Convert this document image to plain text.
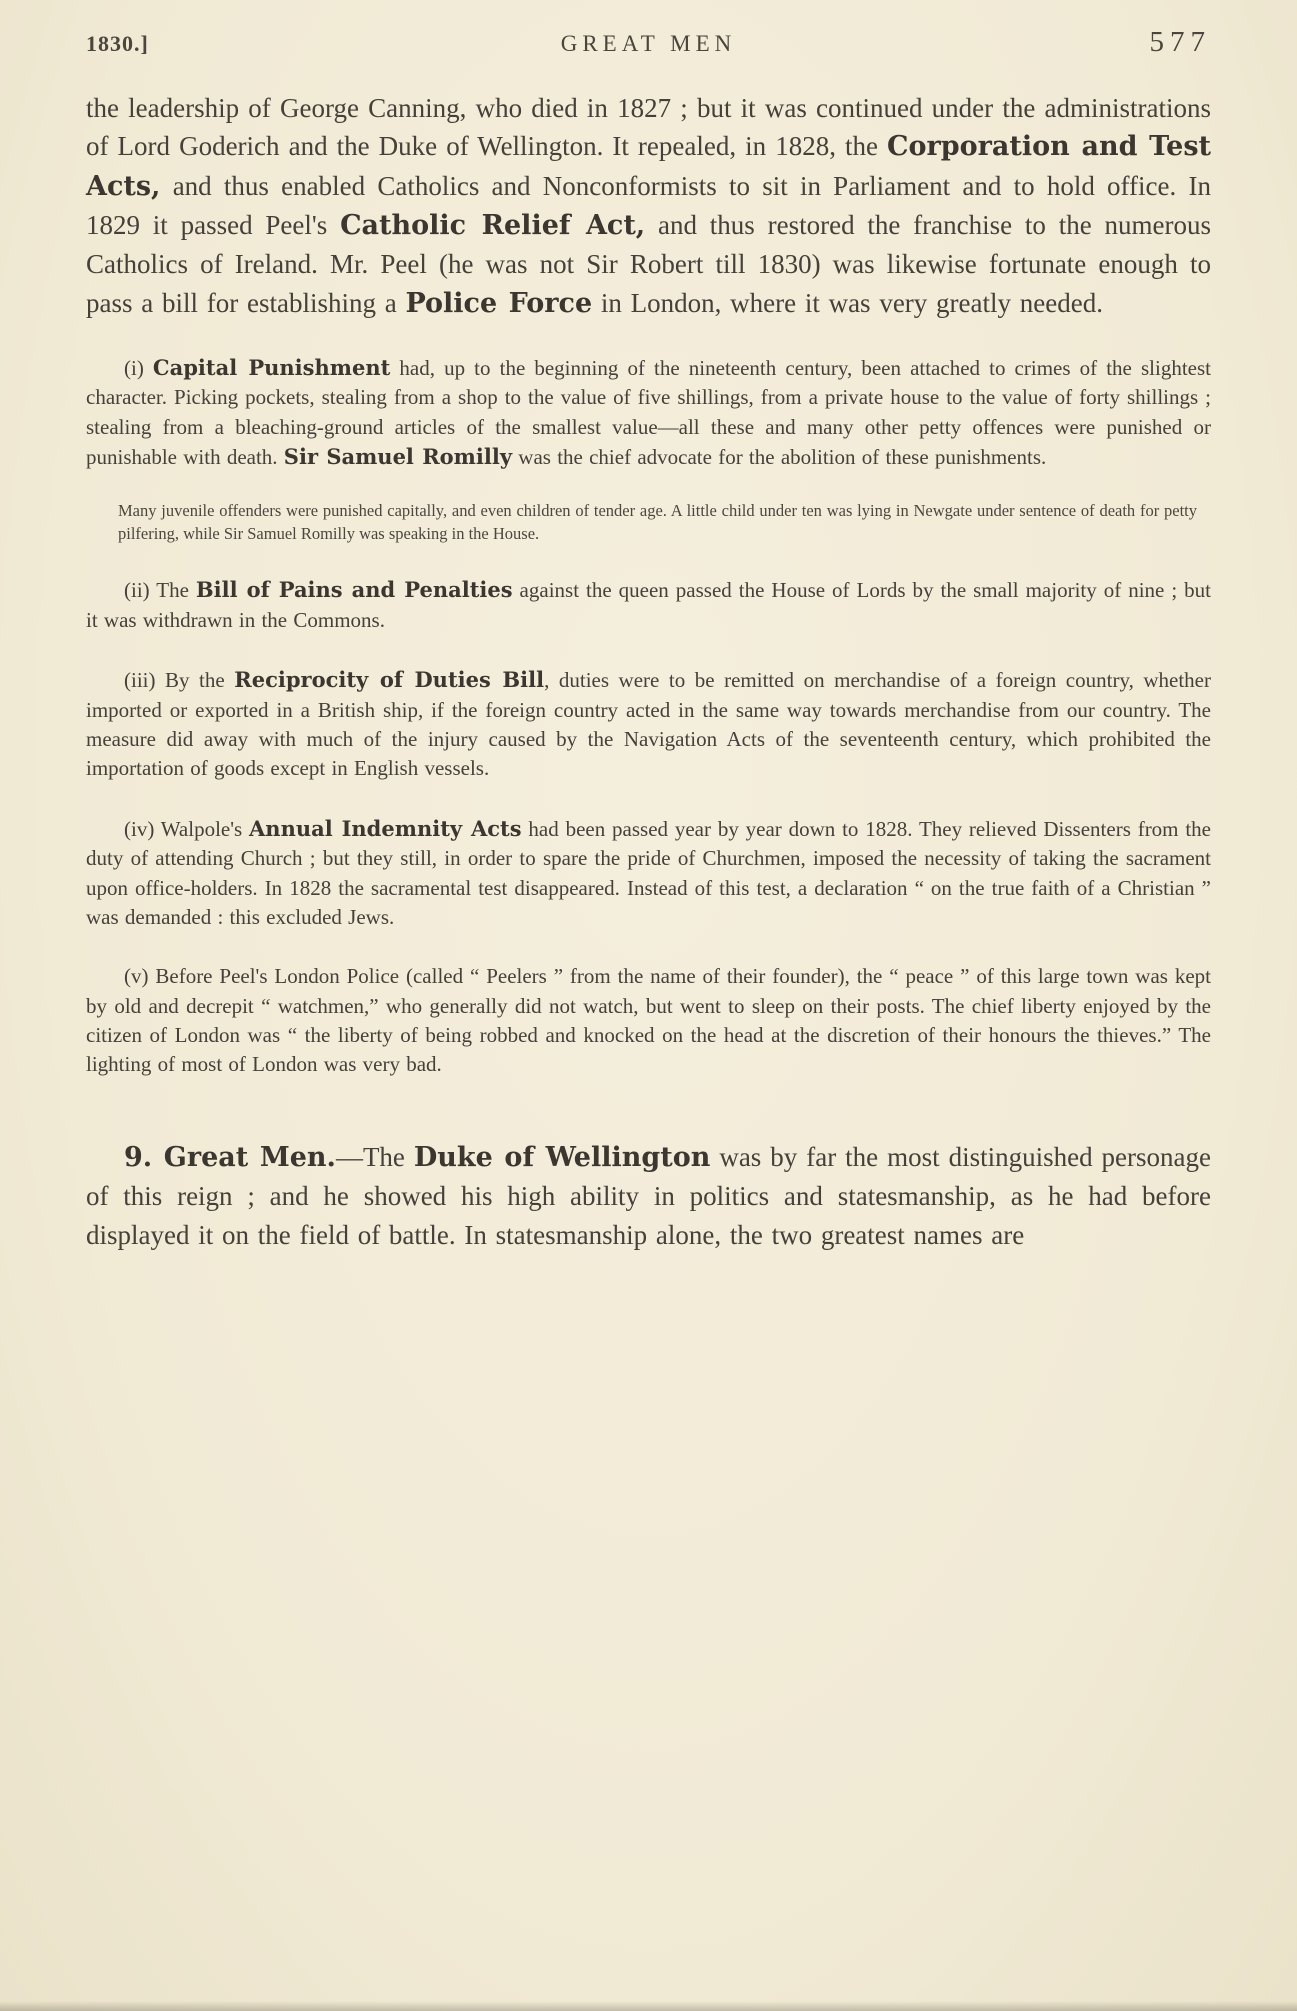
1830.]	GREAT MEN	577

the leadership of George Canning, who died in 1827 ; but it was continued under the administrations of Lord Goderich and the Duke of Wellington. It repealed, in 1828, the Corporation and Test Acts, and thus enabled Catholics and Nonconformists to sit in Parliament and to hold office. In 1829 it passed Peel's Catholic Relief Act, and thus restored the franchise to the numerous Catholics of Ireland. Mr. Peel (he was not Sir Robert till 1830) was likewise fortunate enough to pass a bill for establishing a Police Force in London, where it was very greatly needed.

(i) Capital Punishment had, up to the beginning of the nineteenth century, been attached to crimes of the slightest character. Picking pockets, stealing from a shop to the value of five shillings, from a private house to the value of forty shillings ; stealing from a bleaching-ground articles of the smallest value—all these and many other petty offences were punished or punishable with death. Sir Samuel Romilly was the chief advocate for the abolition of these punishments.

Many juvenile offenders were punished capitally, and even children of tender age. A little child under ten was lying in Newgate under sentence of death for petty pilfering, while Sir Samuel Romilly was speaking in the House.

(ii) The Bill of Pains and Penalties against the queen passed the House of Lords by the small majority of nine ; but it was withdrawn in the Commons.

(iii) By the Reciprocity of Duties Bill, duties were to be remitted on merchandise of a foreign country, whether imported or exported in a British ship, if the foreign country acted in the same way towards merchandise from our country. The measure did away with much of the injury caused by the Navigation Acts of the seventeenth century, which prohibited the importation of goods except in English vessels.

(iv) Walpole's Annual Indemnity Acts had been passed year by year down to 1828. They relieved Dissenters from the duty of attending Church ; but they still, in order to spare the pride of Churchmen, imposed the necessity of taking the sacrament upon office-holders. In 1828 the sacramental test disappeared. Instead of this test, a declaration “ on the true faith of a Christian ” was demanded : this excluded Jews.

(v) Before Peel's London Police (called “ Peelers ” from the name of their founder), the “ peace ” of this large town was kept by old and decrepit “ watchmen,” who generally did not watch, but went to sleep on their posts. The chief liberty enjoyed by the citizen of London was “ the liberty of being robbed and knocked on the head at the discretion of their honours the thieves.” The lighting of most of London was very bad.

9. Great Men.—The Duke of Wellington was by far the most distinguished personage of this reign ; and he showed his high ability in politics and statesmanship, as he had before displayed it on the field of battle. In statesmanship alone, the two greatest names are
